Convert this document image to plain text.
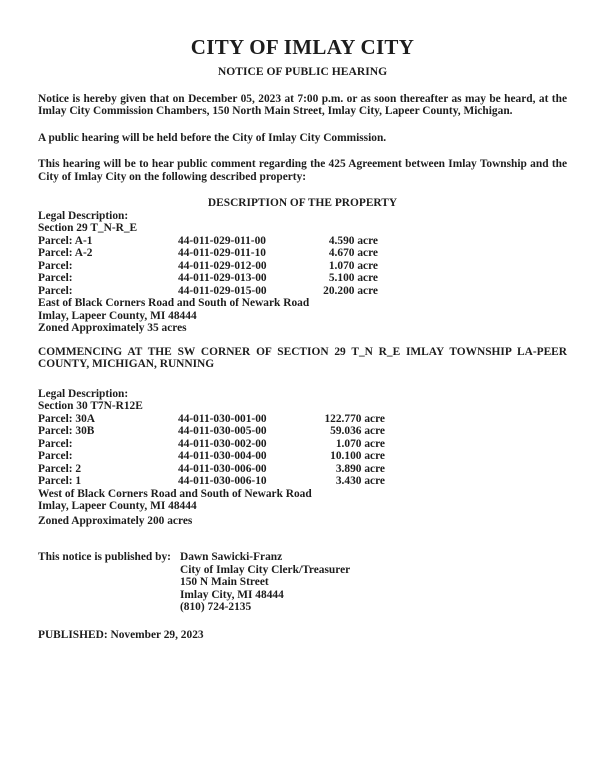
CITY OF IMLAY CITY
NOTICE OF PUBLIC HEARING

Notice is hereby given that on December 05, 2023 at 7:00 p.m. or as soon thereafter as may be heard, at the Imlay City Commission Chambers, 150 North Main Street, Imlay City, Lapeer County, Michigan.

A public hearing will be held before the City of Imlay City Commission.

This hearing will be to hear public comment regarding the 425 Agreement between Imlay Township and the City of Imlay City on the following described property:

DESCRIPTION OF THE PROPERTY
Legal Description:
Section 29 T_N-R_E
Parcel: A-1	44-011-029-011-00	4.590 acre
Parcel: A-2	44-011-029-011-10	4.670 acre
Parcel:	44-011-029-012-00	1.070 acre
Parcel:	44-011-029-013-00	5.100 acre
Parcel:	44-011-029-015-00	20.200 acre
East of Black Corners Road and South of Newark Road
Imlay, Lapeer County, MI 48444
Zoned Approximately 35 acres

COMMENCING AT THE SW CORNER OF SECTION 29 T_N R_E IMLAY TOWNSHIP LA-PEER COUNTY, MICHIGAN, RUNNING

Legal Description:
Section 30 T7N-R12E
Parcel: 30A	44-011-030-001-00	122.770 acre
Parcel: 30B	44-011-030-005-00	59.036 acre
Parcel:	44-011-030-002-00	1.070 acre
Parcel:	44-011-030-004-00	10.100 acre
Parcel: 2	44-011-030-006-00	3.890 acre
Parcel: 1	44-011-030-006-10	3.430 acre
West of Black Corners Road and South of Newark Road
Imlay, Lapeer County, MI 48444
Zoned Approximately 200 acres
This notice is published by: Dawn Sawicki-Franz
City of Imlay City Clerk/Treasurer
150 N Main Street
Imlay City, MI 48444
(810) 724-2135
PUBLISHED: November 29, 2023
